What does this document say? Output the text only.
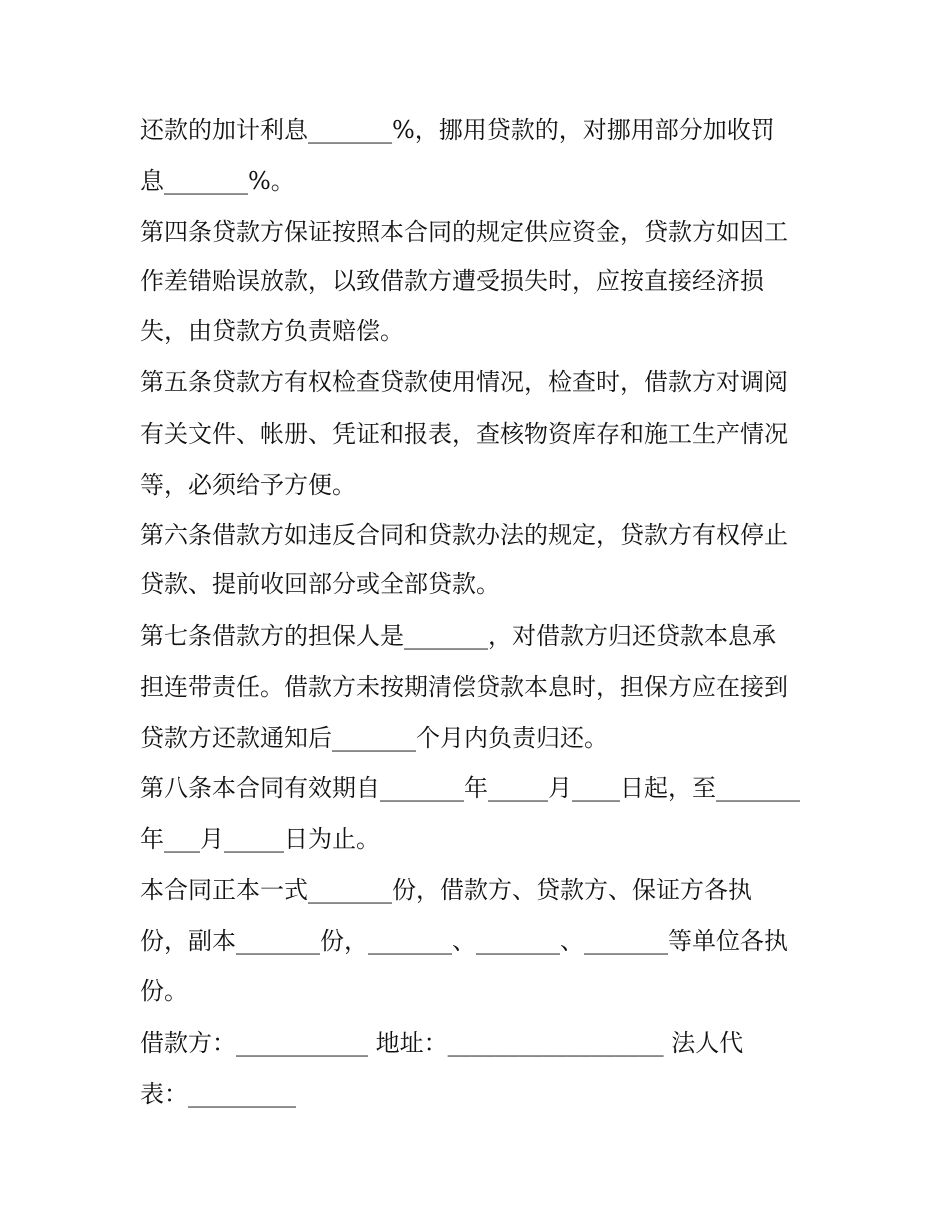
还款的加计利息_______%，挪用贷款的，对挪用部分加收罚

息_______%。

第四条贷款方保证按照本合同的规定供应资金，贷款方如因工

作差错贻误放款，以致借款方遭受损失时，应按直接经济损

失，由贷款方负责赔偿。

第五条贷款方有权检查贷款使用情况，检查时，借款方对调阅

有关文件、帐册、凭证和报表，查核物资库存和施工生产情况

等，必须给予方便。

第六条借款方如违反合同和贷款办法的规定，贷款方有权停止

贷款、提前收回部分或全部贷款。

第七条借款方的担保人是_______，对借款方归还贷款本息承

担连带责任。借款方未按期清偿贷款本息时，担保方应在接到

贷款方还款通知后_______个月内负责归还。

第八条本合同有效期自_______年_____月____日起，至_______

年___月_____日为止。

本合同正本一式_______份，借款方、贷款方、保证方各执

份，副本_______份，_______、_______、_______等单位各执

份。

借款方：___________ 地址：__________________ 法人代

表：_________
